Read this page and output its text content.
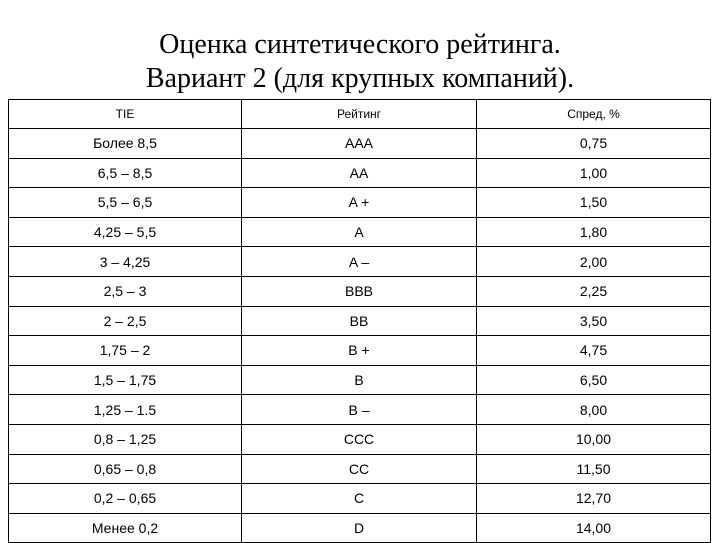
Оценка синтетического рейтинга.
Вариант 2 (для крупных компаний).
TIE	Рейтинг	Спред, %
Более 8,5	AAA	0,75
6,5 – 8,5	AA	1,00
5,5 – 6,5	A +	1,50
4,25 – 5,5	A	1,80
3 – 4,25	A –	2,00
2,5 – 3	BBB	2,25
2 – 2,5	BB	3,50
1,75 – 2	B +	4,75
1,5 – 1,75	B	6,50
1,25 – 1.5	B –	8,00
0,8 – 1,25	CCC	10,00
0,65 – 0,8	CC	11,50
0,2 – 0,65	C	12,70
Менее 0,2	D	14,00
